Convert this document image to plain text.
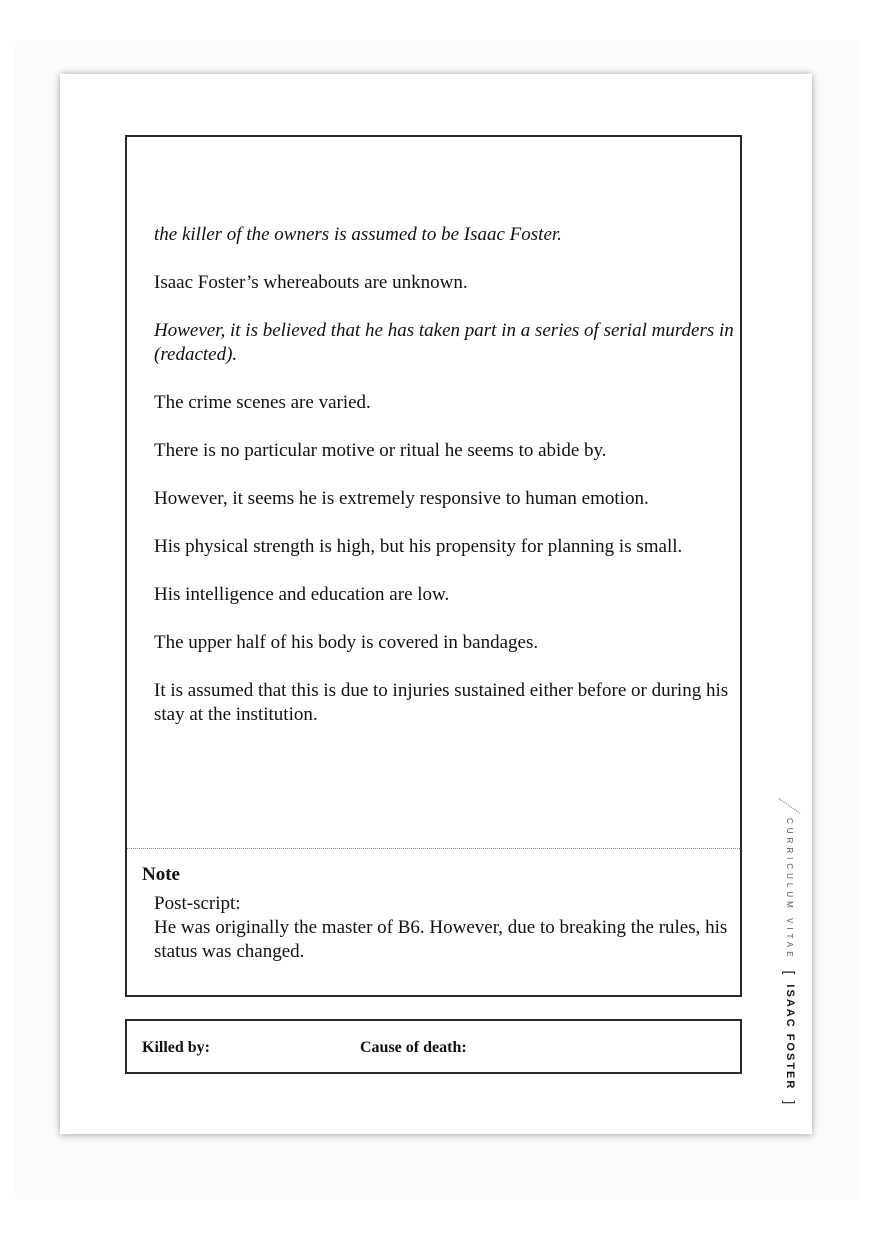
the killer of the owners is assumed to be Isaac Foster.

Isaac Foster’s whereabouts are unknown.

However, it is believed that he has taken part in a series of serial murders in (redacted).

The crime scenes are varied.

There is no particular motive or ritual he seems to abide by.

However, it seems he is extremely responsive to human emotion.

His physical strength is high, but his propensity for planning is small.

His intelligence and education are low.

The upper half of his body is covered in bandages.

It is assumed that this is due to injuries sustained either before or during his stay at the institution.

Note
Post-script:
He was originally the master of B6. However, due to breaking the rules, his status was changed.
Killed by:	Cause of death:
CURRICULUM VITAE
[
ISAAC FOSTER
]
